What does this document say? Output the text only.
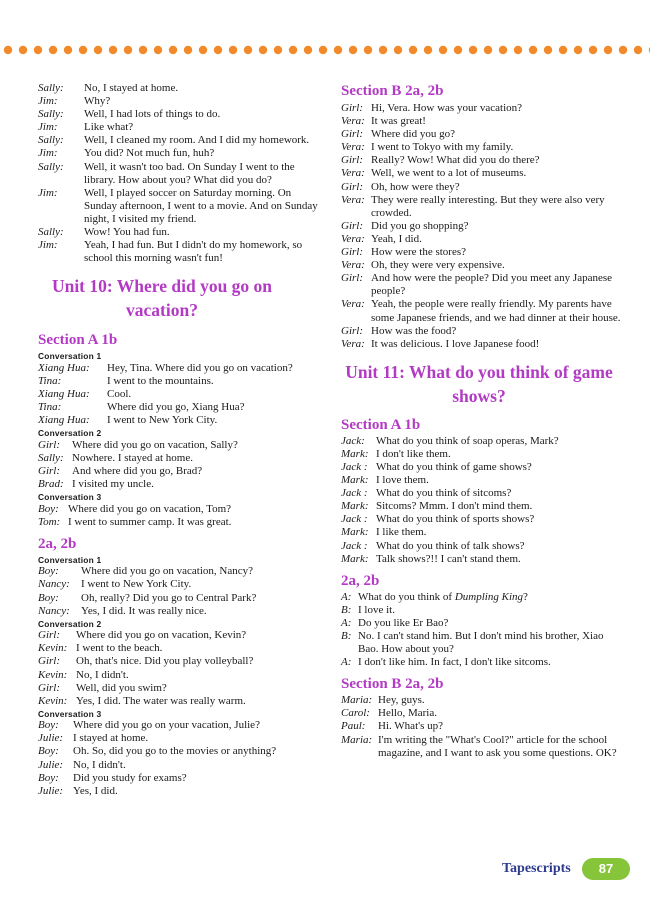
Sally:	No, I stayed at home.
Jim:	Why?
Sally:	Well, I had lots of things to do.
Jim:	Like what?
Sally:	Well, I cleaned my room. And I did my homework.
Jim:	You did? Not much fun, huh?
Sally:	Well, it wasn't too bad. On Sunday I went to the library. How about you? What did you do?
Jim:	Well, I played soccer on Saturday morning. On Sunday afternoon, I went to a movie. And on Sunday night, I visited my friend.
Sally:	Wow! You had fun.
Jim:	Yeah, I had fun. But I didn't do my homework, so school this morning wasn't fun!
Unit 10: Where did you go on vacation?
Section A 1b
Conversation 1
Xiang Hua:	Hey, Tina. Where did you go on vacation?
Tina:	I went to the mountains.
Xiang Hua:	Cool.
Tina:	Where did you go, Xiang Hua?
Xiang Hua:	I went to New York City.
Conversation 2
Girl:	Where did you go on vacation, Sally?
Sally: Nowhere. I stayed at home.
Girl:	And where did you go, Brad?
Brad: I visited my uncle.
Conversation 3
Boy: Where did you go on vacation, Tom?
Tom: I went to summer camp. It was great.
2a, 2b
Conversation 1
Boy:	Where did you go on vacation, Nancy?
Nancy:	I went to New York City.
Boy:	Oh, really? Did you go to Central Park?
Nancy:	Yes, I did. It was really nice.
Conversation 2
Girl:	Where did you go on vacation, Kevin?
Kevin: I went to the beach.
Girl:	Oh, that's nice. Did you play volleyball?
Kevin: No, I didn't.
Girl:	Well, did you swim?
Kevin: Yes, I did. The water was really warm.
Conversation 3
Boy:	Where did you go on your vacation, Julie?
Julie: I stayed at home.
Boy:	Oh. So, did you go to the movies or anything?
Julie: No, I didn't.
Boy:	Did you study for exams?
Julie: Yes, I did.
Section B 2a, 2b
Girl: Hi, Vera. How was your vacation?
Vera: It was great!
Girl: Where did you go?
Vera: I went to Tokyo with my family.
Girl: Really? Wow! What did you do there?
Vera: Well, we went to a lot of museums.
Girl: Oh, how were they?
Vera: They were really interesting. But they were also very crowded.
Girl: Did you go shopping?
Vera: Yeah, I did.
Girl: How were the stores?
Vera: Oh, they were very expensive.
Girl: And how were the people? Did you meet any Japanese people?
Vera: Yeah, the people were really friendly. My parents have some Japanese friends, and we had dinner at their house.
Girl: How was the food?
Vera: It was delicious. I love Japanese food!
Unit 11: What do you think of game shows?
Section A 1b
Jack:	What do you think of soap operas, Mark?
Mark: I don't like them.
Jack : What do you think of game shows?
Mark: I love them.
Jack : What do you think of sitcoms?
Mark: Sitcoms? Mmm. I don't mind them.
Jack : What do you think of sports shows?
Mark: I like them.
Jack : What do you think of talk shows?
Mark: Talk shows?!! I can't stand them.
2a, 2b
A: What do you think of Dumpling King?
B: I love it.
A: Do you like Er Bao?
B: No. I can't stand him. But I don't mind his brother, Xiao Bao. How about you?
A: I don't like him. In fact, I don't like sitcoms.
Section B 2a, 2b
Maria: Hey, guys.
Carol: Hello, Maria.
Paul:	Hi. What's up?
Maria: I'm writing the "What's Cool?" article for the school magazine, and I want to ask you some questions. OK?
Tapescripts	87
